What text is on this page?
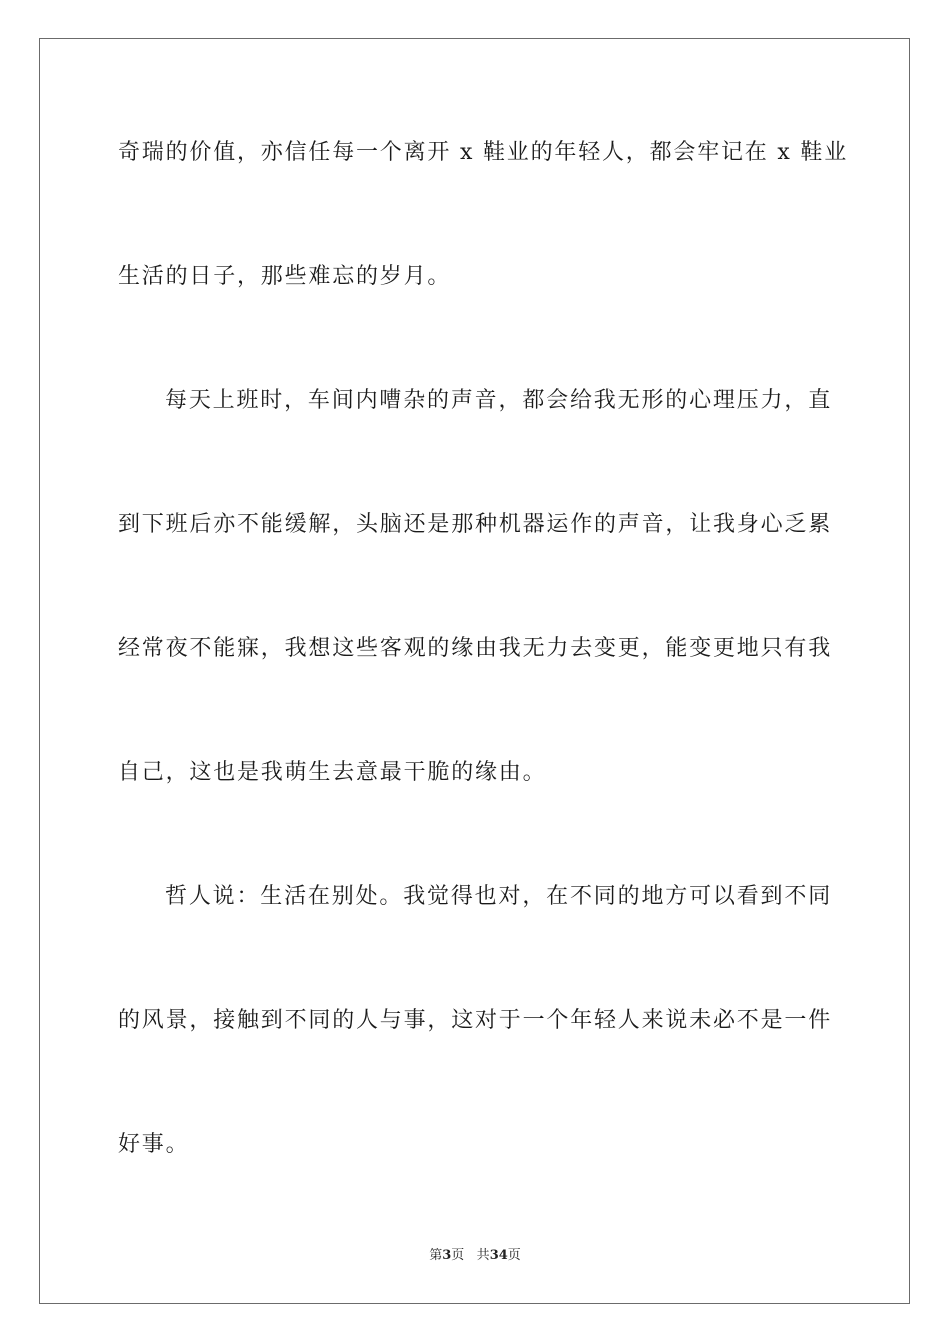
奇瑞的价值，亦信任每一个离开 x 鞋业的年轻人，都会牢记在 x 鞋业
生活的日子，那些难忘的岁月。
每天上班时，车间内嘈杂的声音，都会给我无形的心理压力，直
到下班后亦不能缓解，头脑还是那种机器运作的声音，让我身心乏累
经常夜不能寐，我想这些客观的缘由我无力去变更，能变更地只有我
自己，这也是我萌生去意最干脆的缘由。
哲人说：生活在别处。我觉得也对，在不同的地方可以看到不同
的风景，接触到不同的人与事，这对于一个年轻人来说未必不是一件
好事。
第3页 共34页
